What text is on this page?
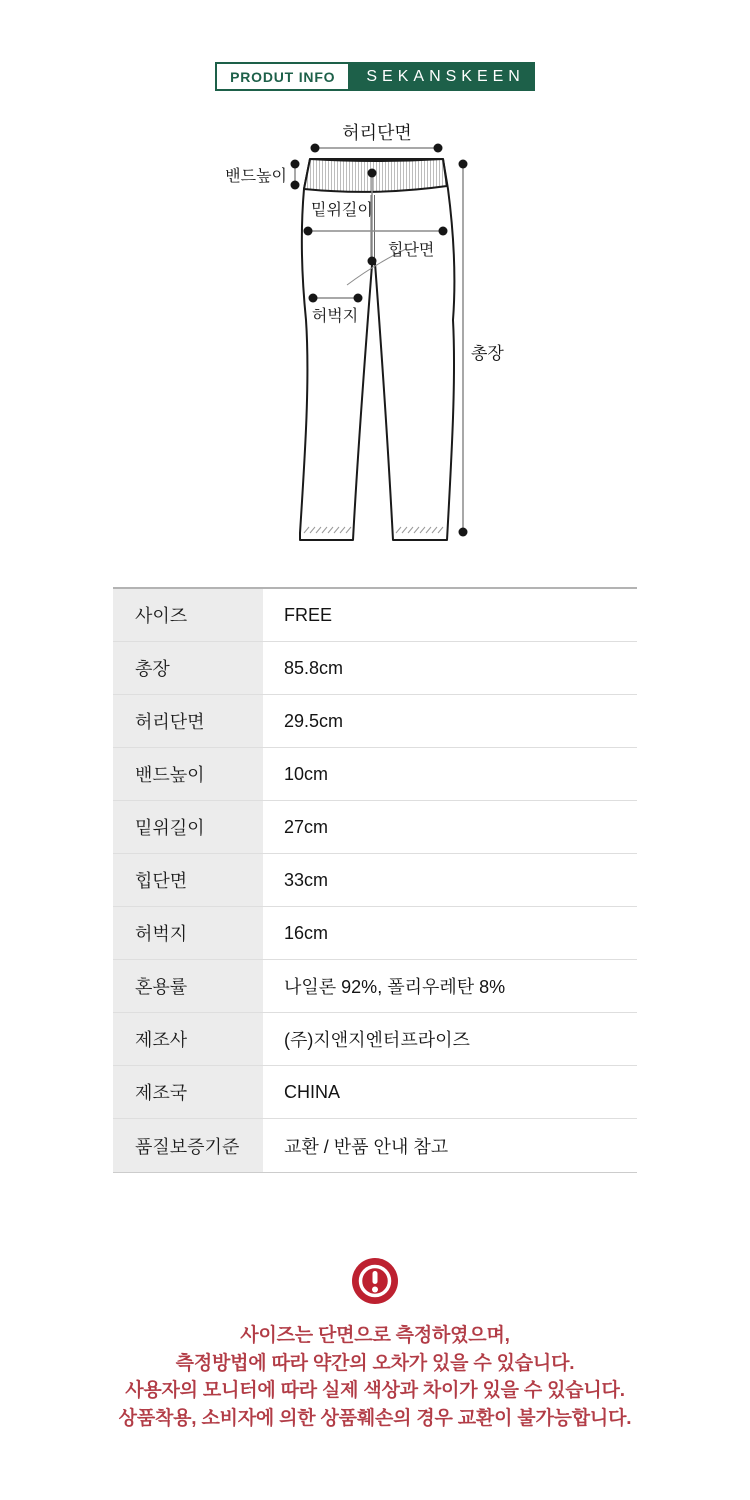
PRODUT INFO	SEKANSKEEN
허리단면
밴드높이
밑위길이
힙단면
허벅지
총장
사이즈	FREE
총장	85.8cm
허리단면	29.5cm
밴드높이	10cm
밑위길이	27cm
힙단면	33cm
허벅지	16cm
혼용률	나일론 92%, 폴리우레탄 8%
제조사	(주)지앤지엔터프라이즈
제조국	CHINA
품질보증기준	교환 / 반품 안내 참고
사이즈는 단면으로 측정하였으며,
측정방법에 따라 약간의 오차가 있을 수 있습니다.
사용자의 모니터에 따라 실제 색상과 차이가 있을 수 있습니다.
상품착용, 소비자에 의한 상품훼손의 경우 교환이 불가능합니다.
